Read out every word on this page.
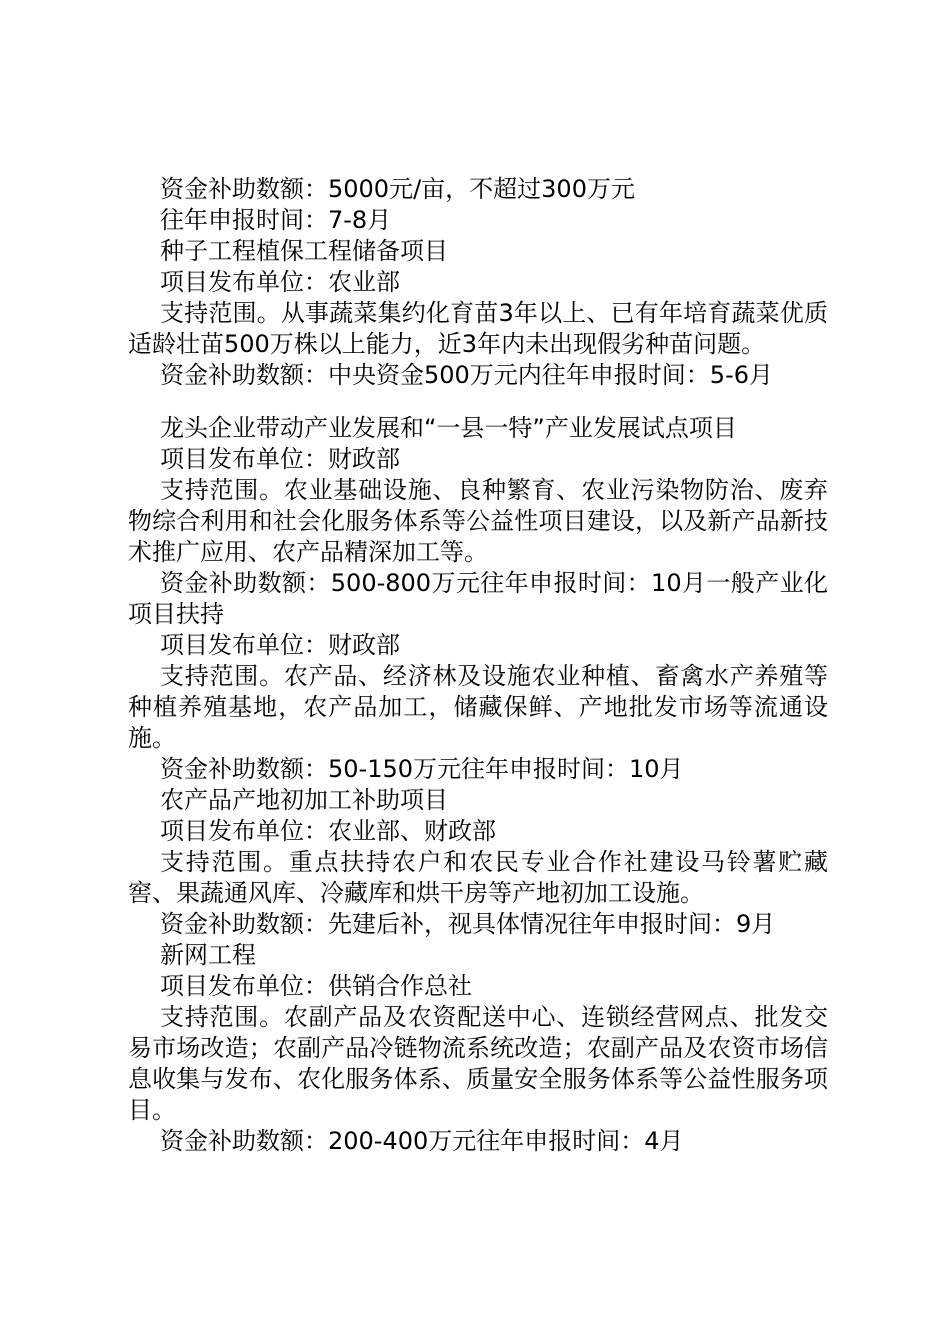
资金补助数额：5000元/亩，不超过300万元

往年申报时间：7-8月

种子工程植保工程储备项目

项目发布单位：农业部

支持范围。从事蔬菜集约化育苗3年以上、已有年培育蔬菜优质适龄壮苗500万株以上能力，近3年内未出现假劣种苗问题。

资金补助数额：中央资金500万元内往年申报时间：5-6月

龙头企业带动产业发展和“一县一特”产业发展试点项目

项目发布单位：财政部

支持范围。农业基础设施、良种繁育、农业污染物防治、废弃物综合利用和社会化服务体系等公益性项目建设，以及新产品新技术推广应用、农产品精深加工等。

资金补助数额：500-800万元往年申报时间：10月一般产业化项目扶持

项目发布单位：财政部

支持范围。农产品、经济林及设施农业种植、畜禽水产养殖等种植养殖基地，农产品加工，储藏保鲜、产地批发市场等流通设施。

资金补助数额：50-150万元往年申报时间：10月

农产品产地初加工补助项目

项目发布单位：农业部、财政部

支持范围。重点扶持农户和农民专业合作社建设马铃薯贮藏窖、果蔬通风库、冷藏库和烘干房等产地初加工设施。

资金补助数额：先建后补，视具体情况往年申报时间：9月

新网工程

项目发布单位：供销合作总社

支持范围。农副产品及农资配送中心、连锁经营网点、批发交易市场改造；农副产品冷链物流系统改造；农副产品及农资市场信息收集与发布、农化服务体系、质量安全服务体系等公益性服务项目。

资金补助数额：200-400万元往年申报时间：4月
